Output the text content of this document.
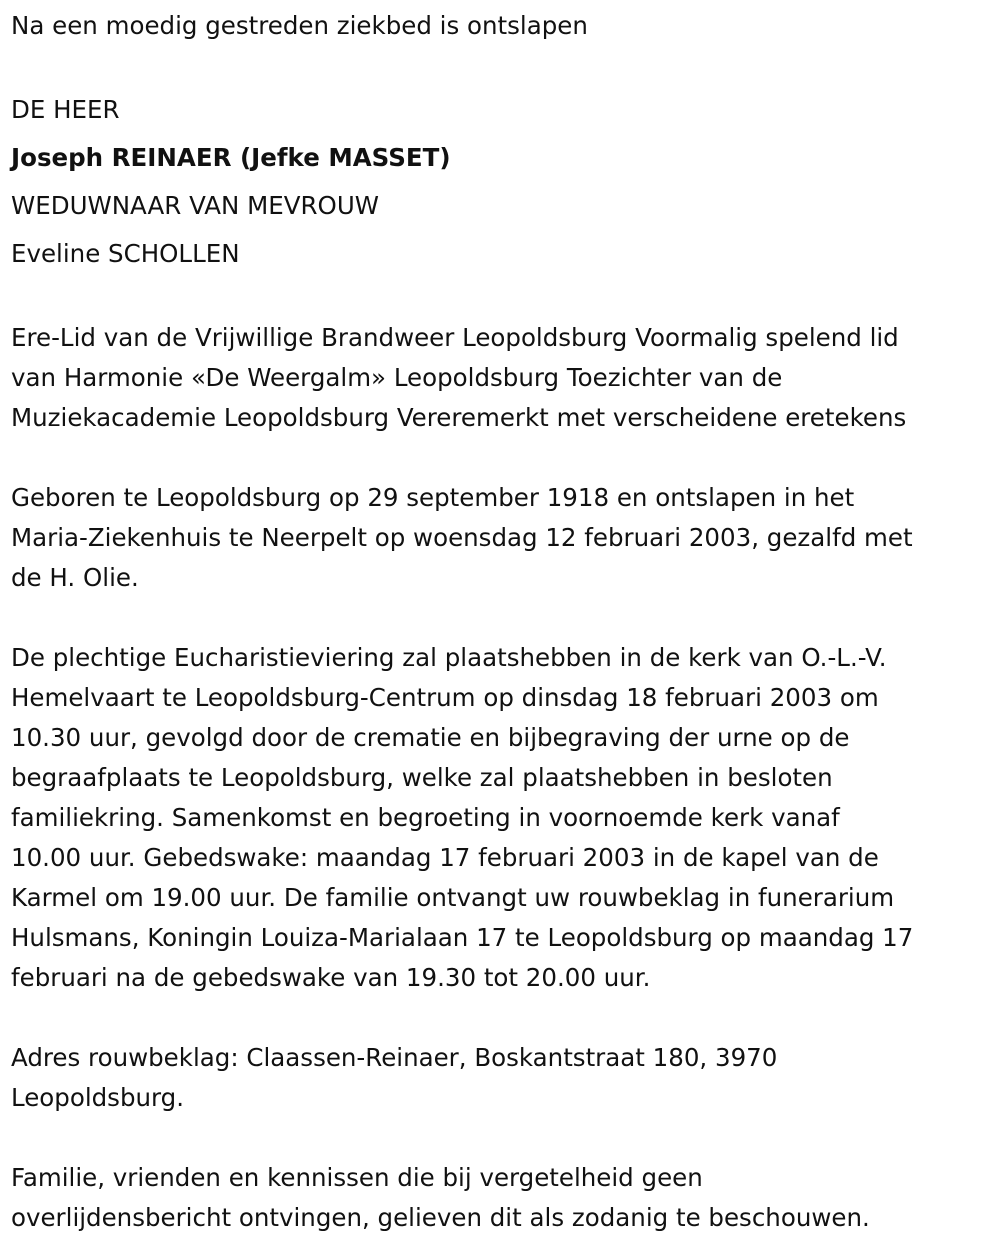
Na een moedig gestreden ziekbed is ontslapen

DE HEER

Joseph REINAER (Jefke MASSET)

WEDUWNAAR VAN MEVROUW

Eveline SCHOLLEN

Ere-Lid van de Vrijwillige Brandweer Leopoldsburg Voormalig spelend lid

van Harmonie «De Weergalm» Leopoldsburg Toezichter van de

Muziekacademie Leopoldsburg Vereremerkt met verscheidene eretekens

Geboren te Leopoldsburg op 29 september 1918 en ontslapen in het

Maria-Ziekenhuis te Neerpelt op woensdag 12 februari 2003, gezalfd met

de H. Olie.

De plechtige Eucharistieviering zal plaatshebben in de kerk van O.-L.-V.

Hemelvaart te Leopoldsburg-Centrum op dinsdag 18 februari 2003 om

10.30 uur, gevolgd door de crematie en bijbegraving der urne op de

begraafplaats te Leopoldsburg, welke zal plaatshebben in besloten

familiekring. Samenkomst en begroeting in voornoemde kerk vanaf

10.00 uur. Gebedswake: maandag 17 februari 2003 in de kapel van de

Karmel om 19.00 uur. De familie ontvangt uw rouwbeklag in funerarium

Hulsmans, Koningin Louiza-Marialaan 17 te Leopoldsburg op maandag 17

februari na de gebedswake van 19.30 tot 20.00 uur.

Adres rouwbeklag: Claassen-Reinaer, Boskantstraat 180, 3970

Leopoldsburg.

Familie, vrienden en kennissen die bij vergetelheid geen

overlijdensbericht ontvingen, gelieven dit als zodanig te beschouwen.
